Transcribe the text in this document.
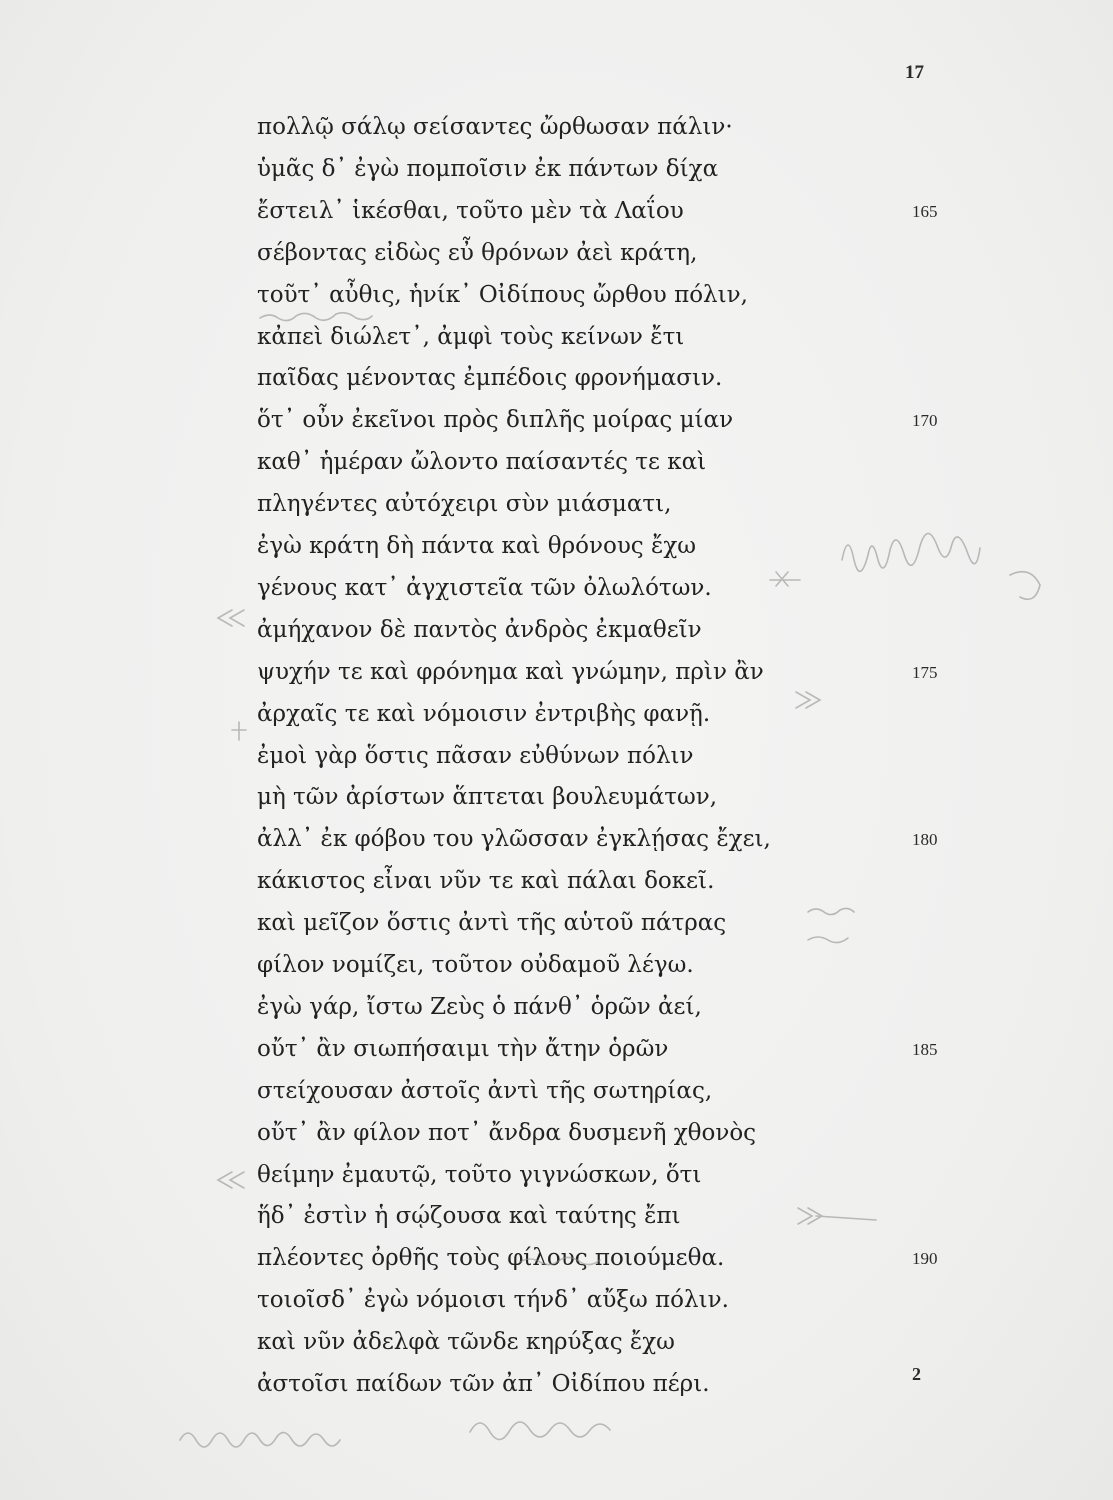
17
πολλῷ σάλῳ σείσαντες ὤρθωσαν πάλιν·
ὑμᾶς δ᾽ ἐγὼ πομποῖσιν ἐκ πάντων δίχα
ἔστειλ᾽ ἱκέσθαι, τοῦτο μὲν τὰ Λαΐου	165
σέβοντας εἰδὼς εὖ θρόνων ἀεὶ κράτη,
τοῦτ᾽ αὖθις, ἡνίκ᾽ Οἰδίπους ὤρθου πόλιν,
κἀπεὶ διώλετ᾽, ἀμφὶ τοὺς κείνων ἔτι
παῖδας μένοντας ἐμπέδοις φρονήμασιν.
ὅτ᾽ οὖν ἐκεῖνοι πρὸς διπλῆς μοίρας μίαν	170
καθ᾽ ἡμέραν ὤλοντο παίσαντές τε καὶ
πληγέντες αὐτόχειρι σὺν μιάσματι,
ἐγὼ κράτη δὴ πάντα καὶ θρόνους ἔχω
γένους κατ᾽ ἀγχιστεῖα τῶν ὀλωλότων.
ἀμήχανον δὲ παντὸς ἀνδρὸς ἐκμαθεῖν
ψυχήν τε καὶ φρόνημα καὶ γνώμην, πρὶν ἂν	175
ἀρχαῖς τε καὶ νόμοισιν ἐντριβὴς φανῇ.
ἐμοὶ γὰρ ὅστις πᾶσαν εὐθύνων πόλιν
μὴ τῶν ἀρίστων ἅπτεται βουλευμάτων,
ἀλλ᾽ ἐκ φόβου του γλῶσσαν ἐγκλῄσας ἔχει,	180
κάκιστος εἶναι νῦν τε καὶ πάλαι δοκεῖ.
καὶ μεῖζον ὅστις ἀντὶ τῆς αὑτοῦ πάτρας
φίλον νομίζει, τοῦτον οὐδαμοῦ λέγω.
ἐγὼ γάρ, ἴστω Ζεὺς ὁ πάνθ᾽ ὁρῶν ἀεί,
οὔτ᾽ ἂν σιωπήσαιμι τὴν ἄτην ὁρῶν	185
στείχουσαν ἀστοῖς ἀντὶ τῆς σωτηρίας,
οὔτ᾽ ἂν φίλον ποτ᾽ ἄνδρα δυσμενῆ χθονὸς
θείμην ἐμαυτῷ, τοῦτο γιγνώσκων, ὅτι
ἥδ᾽ ἐστὶν ἡ σῴζουσα καὶ ταύτης ἔπι
πλέοντες ὀρθῆς τοὺς φίλους ποιούμεθα.	190
τοιοῖσδ᾽ ἐγὼ νόμοισι τήνδ᾽ αὔξω πόλιν.
καὶ νῦν ἀδελφὰ τῶνδε κηρύξας ἔχω
ἀστοῖσι παίδων τῶν ἀπ᾽ Οἰδίπου πέρι.	2
